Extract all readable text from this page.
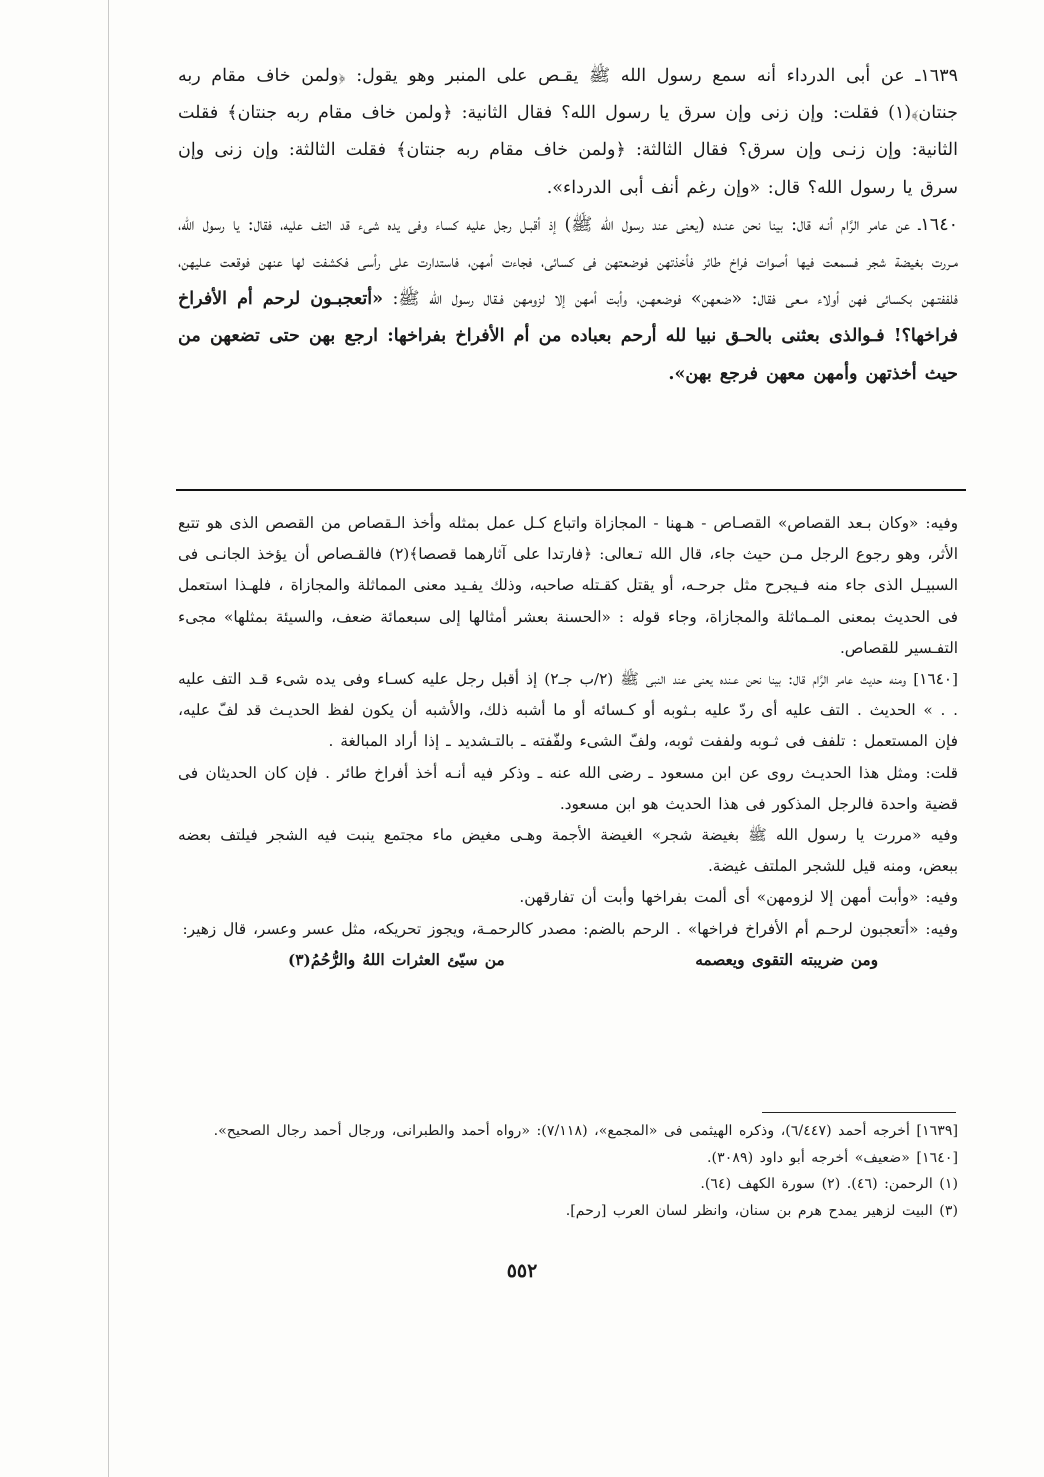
١٦٣٩ـ عن أبى الدرداء أنه سمع رسول الله ﷺ يقـص على المنبر وهو يقول: ﴿ولمن خاف مقام ربه جنتان﴾(١) فقلت: وإن زنى وإن سرق يا رسول الله؟ فقال الثانية: ﴿ولمن خاف مقام ربه جنتان﴾ فقلت الثانية: وإن زنـى وإن سرق؟ فقال الثالثة: ﴿ولمن خاف مقام ربه جنتان﴾ فقلت الثالثة: وإن زنى وإن سرق يا رسول الله؟ قال: «وإن رغم أنف أبى الدرداء».

١٦٤٠ـ عن عامر الرَّام أنـه قال: بينا نحن عنـده (يعنى عند رسول الله ﷺ) إذ أقبـل رجل عليه كساء وفى يده شىء قد التف عليه، فقال: يا رسول الله، مـررت بغيضة شجر فسمعت فيها أصوات فراخ طائر فأخذتهن فوضعتهن فى كسائى، فجاءت أمهن، فاستدارت على رأسى فكشفت لها عنهن فوقعت عـليهن، فلففتـهن بكسائى فهن أولاء مـعى فقال: «ضعهن» فوضعهـن، وأبت أمهن إلا لزومهن فـقال رسول الله ﷺ: «أتعجبـون لرحم أم الأفراخ فراخها؟! فـوالذى بعثنى بالحـق نبيا لله أرحم بعباده من أم الأفراخ بفراخها: ارجع بهن حتى تضعهن من حيث أخذتهن وأمهن معهن فرجع بهن».

وفيه: «وكان بـعد القصاص» القصـاص - هـهنا - المجازاة واتباع كـل عمل بمثله وأخذ الـقصاص من القصص الذى هو تتبع الأثر، وهو رجوع الرجل مـن حيث جاء، قال الله تـعالى: ﴿فارتدا على آثارهما قصصا﴾(٢) فالقـصاص أن يؤخذ الجانـى فى السبيـل الذى جاء منه فـيجرح مثل جرحـه، أو يقتل كقـتله صاحبه، وذلك يفـيد معنى المماثلة والمجازاة ، فلهـذا استعمل فى الحديث بمعنى المـماثلة والمجازاة، وجاء قوله : «الحسنة بعشر أمثالها إلى سبعمائة ضعف، والسيئة بمثلها» مجىء التفـسير للقصاص.

[١٦٤٠] ومنه حديث عامر الرَّام قال: بينا نحن عـنده يعنى عند النبى ﷺ (٢/ب جـ٢) إذ أقبل رجل عليه كسـاء وفى يده شىء قـد التف عليه . . » الحديث . التف عليه أى ردّ عليه بـثوبه أو كـسائه أو ما أشبه ذلك، والأشبه أن يكون لفظ الحديـث قد لفّ عليه، فإن المستعمل : تلفف فى ثـوبه ولففت ثوبه، ولفّ الشىء ولفّفته ـ بالتـشديد ـ إذا أراد المبالغة .

قلت: ومثل هذا الحديـث روى عن ابن مسعود ـ رضى الله عنه ـ وذكر فيه أنـه أخذ أفراخ طائر . فإن كان الحديثان فى قضية واحدة فالرجل المذكور فى هذا الحديث هو ابن مسعود.

وفيه «مررت يا رسول الله ﷺ بغيضة شجر» الغيضة الأجمة وهـى مغيض ماء مجتمع ينبت فيه الشجر فيلتف بعضه ببعض، ومنه قيل للشجر الملتف غيضة.

وفيه: «وأبت أمهن إلا لزومهن» أى ألمت بفراخها وأبت أن تفارقهن.

وفيه: «أتعجبون لرحـم أم الأفراخ فراخها» . الرحم بالضم: مصدر كالرحمـة، ويجوز تحريكه، مثل عسر وعسر، قال زهير:

ومن ضريبته التقوى ويعصمه
من سيّئ العثرات اللهُ والرُّحُمُ(٣)

[١٦٣٩] أخرجه أحمد (٦/٤٤٧)، وذكره الهيثمى فى «المجمع»، (٧/١١٨): «رواه أحمد والطبرانى، ورجال أحمد رجال الصحيح».

[١٦٤٠] «ضعيف» أخرجه أبو داود (٣٠٨٩).

(١) الرحمن: (٤٦). (٢) سورة الكهف (٦٤).

(٣) البيت لزهير يمدح هرم بن سنان، وانظر لسان العرب [رحم].

٥٥٢
